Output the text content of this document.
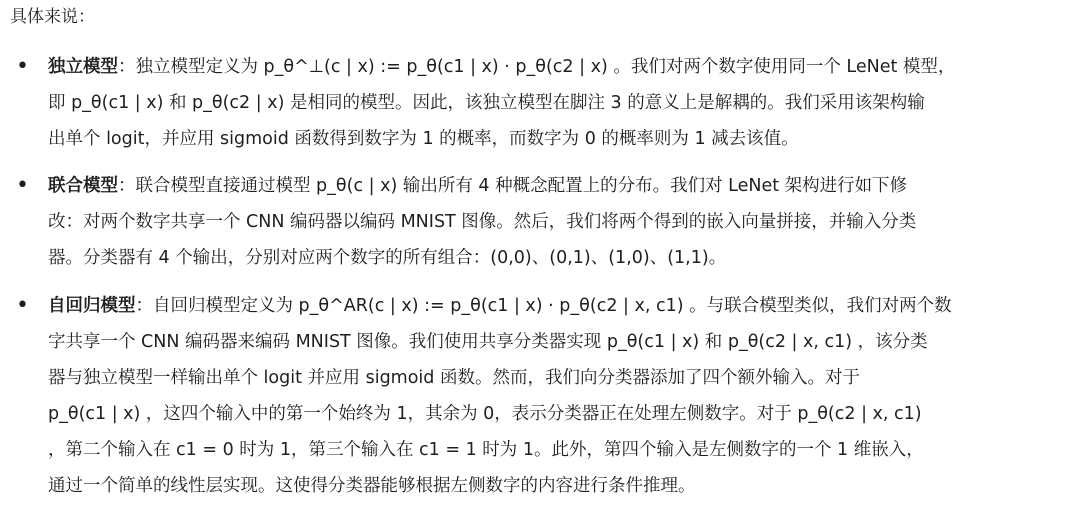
具体来说：
• 独立模型：独立模型定义为 p_θ^⊥(c | x) := p_θ(c1 | x) · p_θ(c2 | x) 。我们对两个数字使用同一个 LeNet 模型，
即 p_θ(c1 | x) 和 p_θ(c2 | x) 是相同的模型。因此，该独立模型在脚注 3 的意义上是解耦的。我们采用该架构输
出单个 logit，并应用 sigmoid 函数得到数字为 1 的概率，而数字为 0 的概率则为 1 减去该值。
• 联合模型：联合模型直接通过模型 p_θ(c | x) 输出所有 4 种概念配置上的分布。我们对 LeNet 架构进行如下修
改：对两个数字共享一个 CNN 编码器以编码 MNIST 图像。然后，我们将两个得到的嵌入向量拼接，并输入分类
器。分类器有 4 个输出，分别对应两个数字的所有组合：(0,0)、(0,1)、(1,0)、(1,1)。
• 自回归模型：自回归模型定义为 p_θ^AR(c | x) := p_θ(c1 | x) · p_θ(c2 | x, c1) 。与联合模型类似，我们对两个数
字共享一个 CNN 编码器来编码 MNIST 图像。我们使用共享分类器实现 p_θ(c1 | x) 和 p_θ(c2 | x, c1) ，该分类
器与独立模型一样输出单个 logit 并应用 sigmoid 函数。然而，我们向分类器添加了四个额外输入。对于
p_θ(c1 | x) ，这四个输入中的第一个始终为 1，其余为 0，表示分类器正在处理左侧数字。对于 p_θ(c2 | x, c1)
，第二个输入在 c1 = 0 时为 1，第三个输入在 c1 = 1 时为 1。此外，第四个输入是左侧数字的一个 1 维嵌入，
通过一个简单的线性层实现。这使得分类器能够根据左侧数字的内容进行条件推理。
